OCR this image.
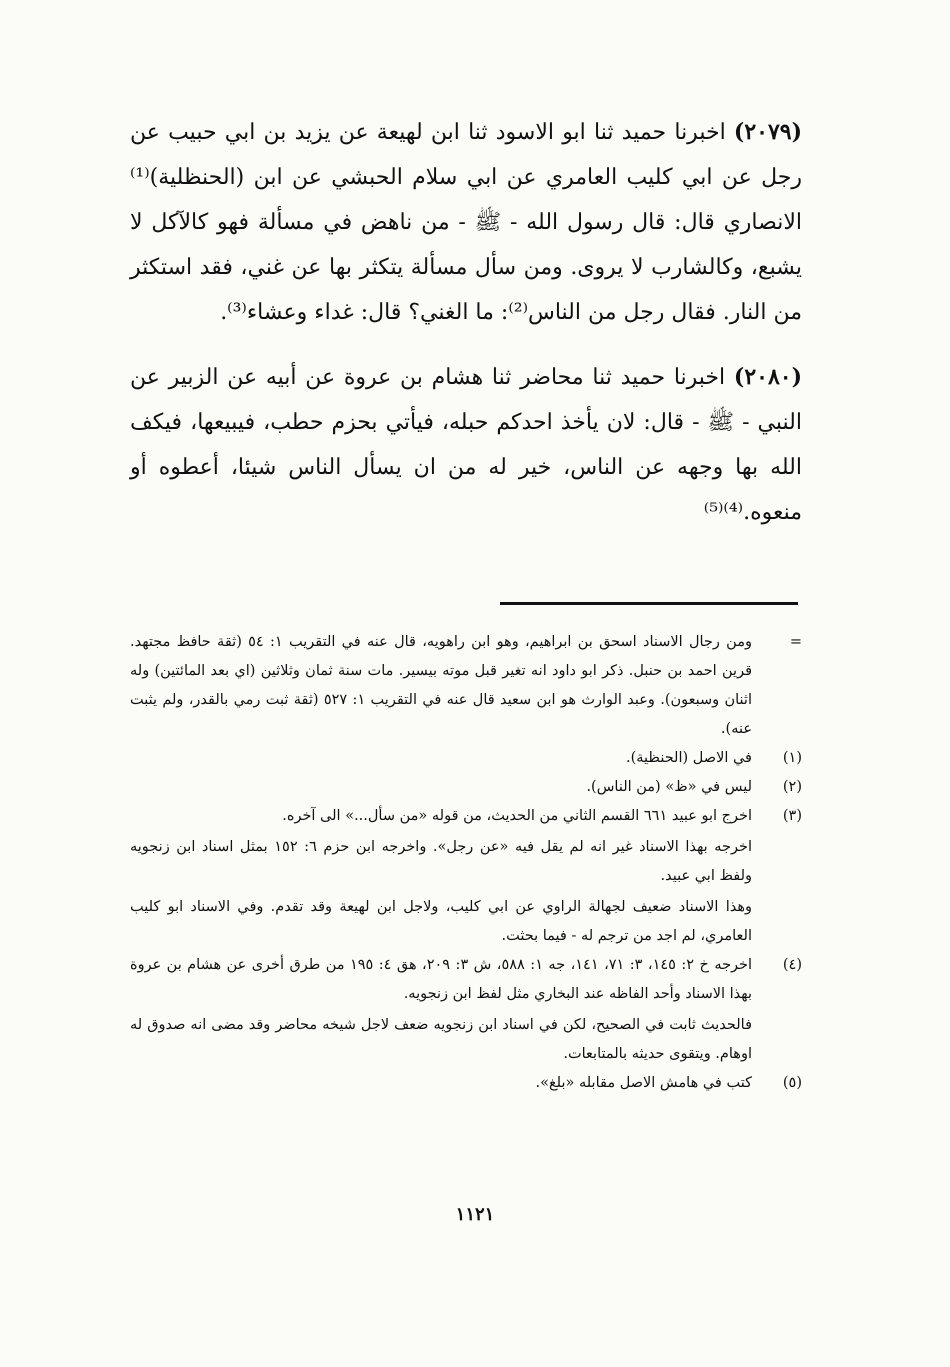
(٢٠٧٩) اخبرنا حميد ثنا ابو الاسود ثنا ابن لهيعة عن يزيد بن ابي حبيب عن رجل عن ابي كليب العامري عن ابي سلام الحبشي عن ابن (الحنظلية)⁽¹⁾ الانصاري قال: قال رسول الله - ﷺ - من ناهض في مسألة فهو كالآكل لا يشبع، وكالشارب لا يروى. ومن سأل مسألة يتكثر بها عن غني، فقد استكثر من النار. فقال رجل من الناس⁽²⁾: ما الغني؟ قال: غداء وعشاء⁽³⁾.

(٢٠٨٠) اخبرنا حميد ثنا محاضر ثنا هشام بن عروة عن أبيه عن الزبير عن النبي - ﷺ - قال: لان يأخذ احدكم حبله، فيأتي بحزم حطب، فيبيعها، فيكف الله بها وجهه عن الناس، خير له من ان يسأل الناس شيئا، أعطوه أو منعوه.⁽⁴⁾⁽⁵⁾

=

ومن رجال الاسناد اسحق بن ابراهيم، وهو ابن راهويه، قال عنه في التقريب ١: ٥٤ (ثقة حافظ مجتهد. قرين احمد بن حنبل. ذكر ابو داود انه تغير قبل موته بيسير. مات سنة ثمان وثلاثين (اي بعد المائتين) وله اثنان وسبعون). وعبد الوارث هو ابن سعيد قال عنه في التقريب ١: ٥٢٧ (ثقة ثبت رمي بالقدر، ولم يثبت عنه).

(١)

في الاصل (الحنظية).

(٢)

ليس في «ظ» (من الناس).

(٣)

اخرج ابو عبيد ٦٦١ القسم الثاني من الحديث، من قوله «من سأل...» الى آخره.

اخرجه بهذا الاسناد غير انه لم يقل فيه «عن رجل». واخرجه ابن حزم ٦: ١٥٢ بمثل اسناد ابن زنجويه ولفظ ابي عبيد.

وهذا الاسناد ضعيف لجهالة الراوي عن ابي كليب، ولاجل ابن لهيعة وقد تقدم. وفي الاسناد ابو كليب العامري، لم اجد من ترجم له - فيما بحثت.

(٤)

اخرجه خ ٢: ١٤٥، ٣: ٧١، ١٤١، جه ١: ٥٨٨، ش ٣: ٢٠٩، هق ٤: ١٩٥ من طرق أخرى عن هشام بن عروة بهذا الاسناد وأحد الفاظه عند البخاري مثل لفظ ابن زنجويه.

فالحديث ثابت في الصحيح، لكن في اسناد ابن زنجويه ضعف لاجل شيخه محاضر وقد مضى انه صدوق له اوهام. ويتقوى حديثه بالمتابعات.

(٥)

كتب في هامش الاصل مقابله «بلغ».

١١٢١
